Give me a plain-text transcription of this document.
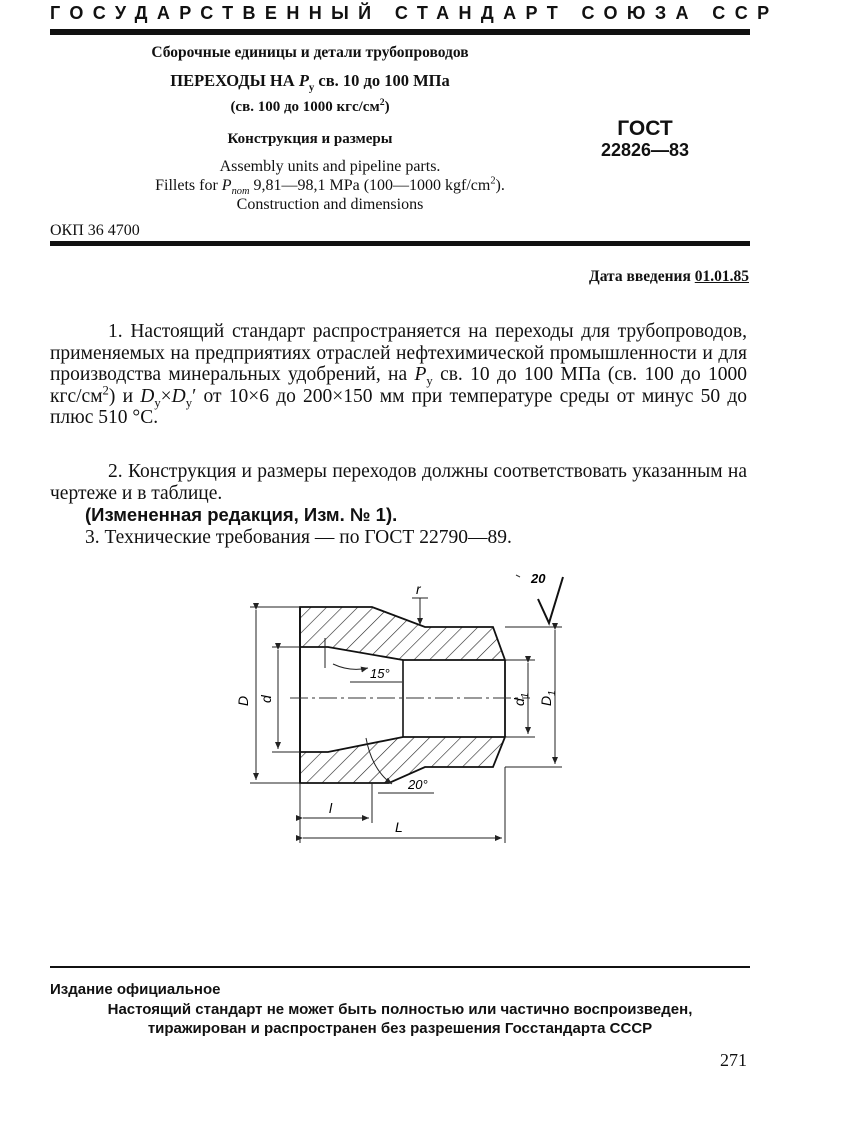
ГОСУДАРСТВЕННЫЙ СТАНДАРТ СОЮЗА ССР
Сборочные единицы и детали трубопроводов
ПЕРЕХОДЫ НА $P_у$ св. 10 до 100 МПа
(св. 100 до 1000 кгс/$см^2$)
Конструкция и размеры
Assembly units and pipeline parts.
Fillets for $P_{nom}$ 9,81—98,1 MPa (100—1000 kgf/$cm^2$).
Construction and dimensions
ГОСТ
22826—83
ОКП 36 4700
Дата введения 01.01.85
1. Настоящий стандарт распространяется на переходы для трубопроводов, применяемых на предприятиях отраслей нефтехимической промышленности и для производства минеральных удобрений, на $P_у$ св. 10 до 100 МПа (св. 100 до 1000 кгс/$см^2$) и $D_у\times D_у'$ от 10×6 до 200×150 мм при температуре среды от минус 50 до плюс 510 °С.
2. Конструкция и размеры переходов должны соответствовать указанным на чертеже и в таблице.
(Измененная редакция, Изм. № 1).
3. Технические требования — по ГОСТ 22790—89.
20
D d	$d_1$
$D_1$
l
L
r
15°
20°
Издание официальное
Настоящий стандарт не может быть полностью или частично воспроизведен,
тиражирован и распространен без разрешения Госстандарта СССР
271
